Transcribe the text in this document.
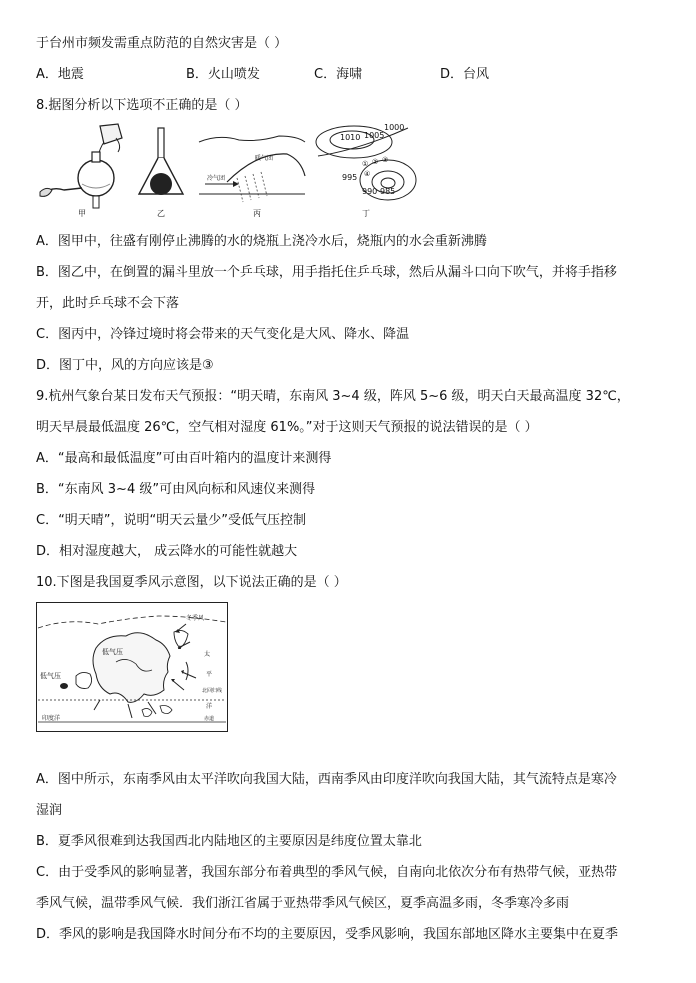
于台州市频发需重点防范的自然灾害是（ ）
A．地震	B．火山喷发	C．海啸	D．台风
8.据图分析以下选项不正确的是（ ）
甲	乙
暖气团
冷气团
丙
1000
1010 1005
995
990 985
① ② ③
④
丁
A．图甲中，往盛有刚停止沸腾的水的烧瓶上浇冷水后，烧瓶内的水会重新沸腾
B．图乙中，在倒置的漏斗里放一个乒乓球，用手指托住乒乓球，然后从漏斗口向下吹气，并将手指移
开，此时乒乓球不会下落
C．图丙中，冷锋过境时将会带来的天气变化是大风、降水、降温
D．图丁中，风的方向应该是③
9.杭州气象台某日发布天气预报：“明天晴，东南风 3~4 级，阵风 5~6 级，明天白天最高温度 32℃，
明天早晨最低温度 26℃，空气相对湿度 61%。”对于这则天气预报的说法错误的是（ ）
A．“最高和最低温度”可由百叶箱内的温度计来测得
B．“东南风 3~4 级”可由风向标和风速仪来测得
C．“明天晴”，说明“明天云量少”受低气压控制
D．相对湿度越大， 成云降水的可能性就越大
10.下图是我国夏季风示意图，以下说法正确的是（ ）
冬季风
低气压
低气压
太
平
北回归线
洋
赤道
印度洋
A．图中所示，东南季风由太平洋吹向我国大陆，西南季风由印度洋吹向我国大陆，其气流特点是寒冷
湿润
B．夏季风很难到达我国西北内陆地区的主要原因是纬度位置太靠北
C．由于受季风的影响显著，我国东部分布着典型的季风气候，自南向北依次分布有热带气候，亚热带
季风气候，温带季风气候．我们浙江省属于亚热带季风气候区，夏季高温多雨，冬季寒冷多雨
D．季风的影响是我国降水时间分布不均的主要原因，受季风影响，我国东部地区降水主要集中在夏季
